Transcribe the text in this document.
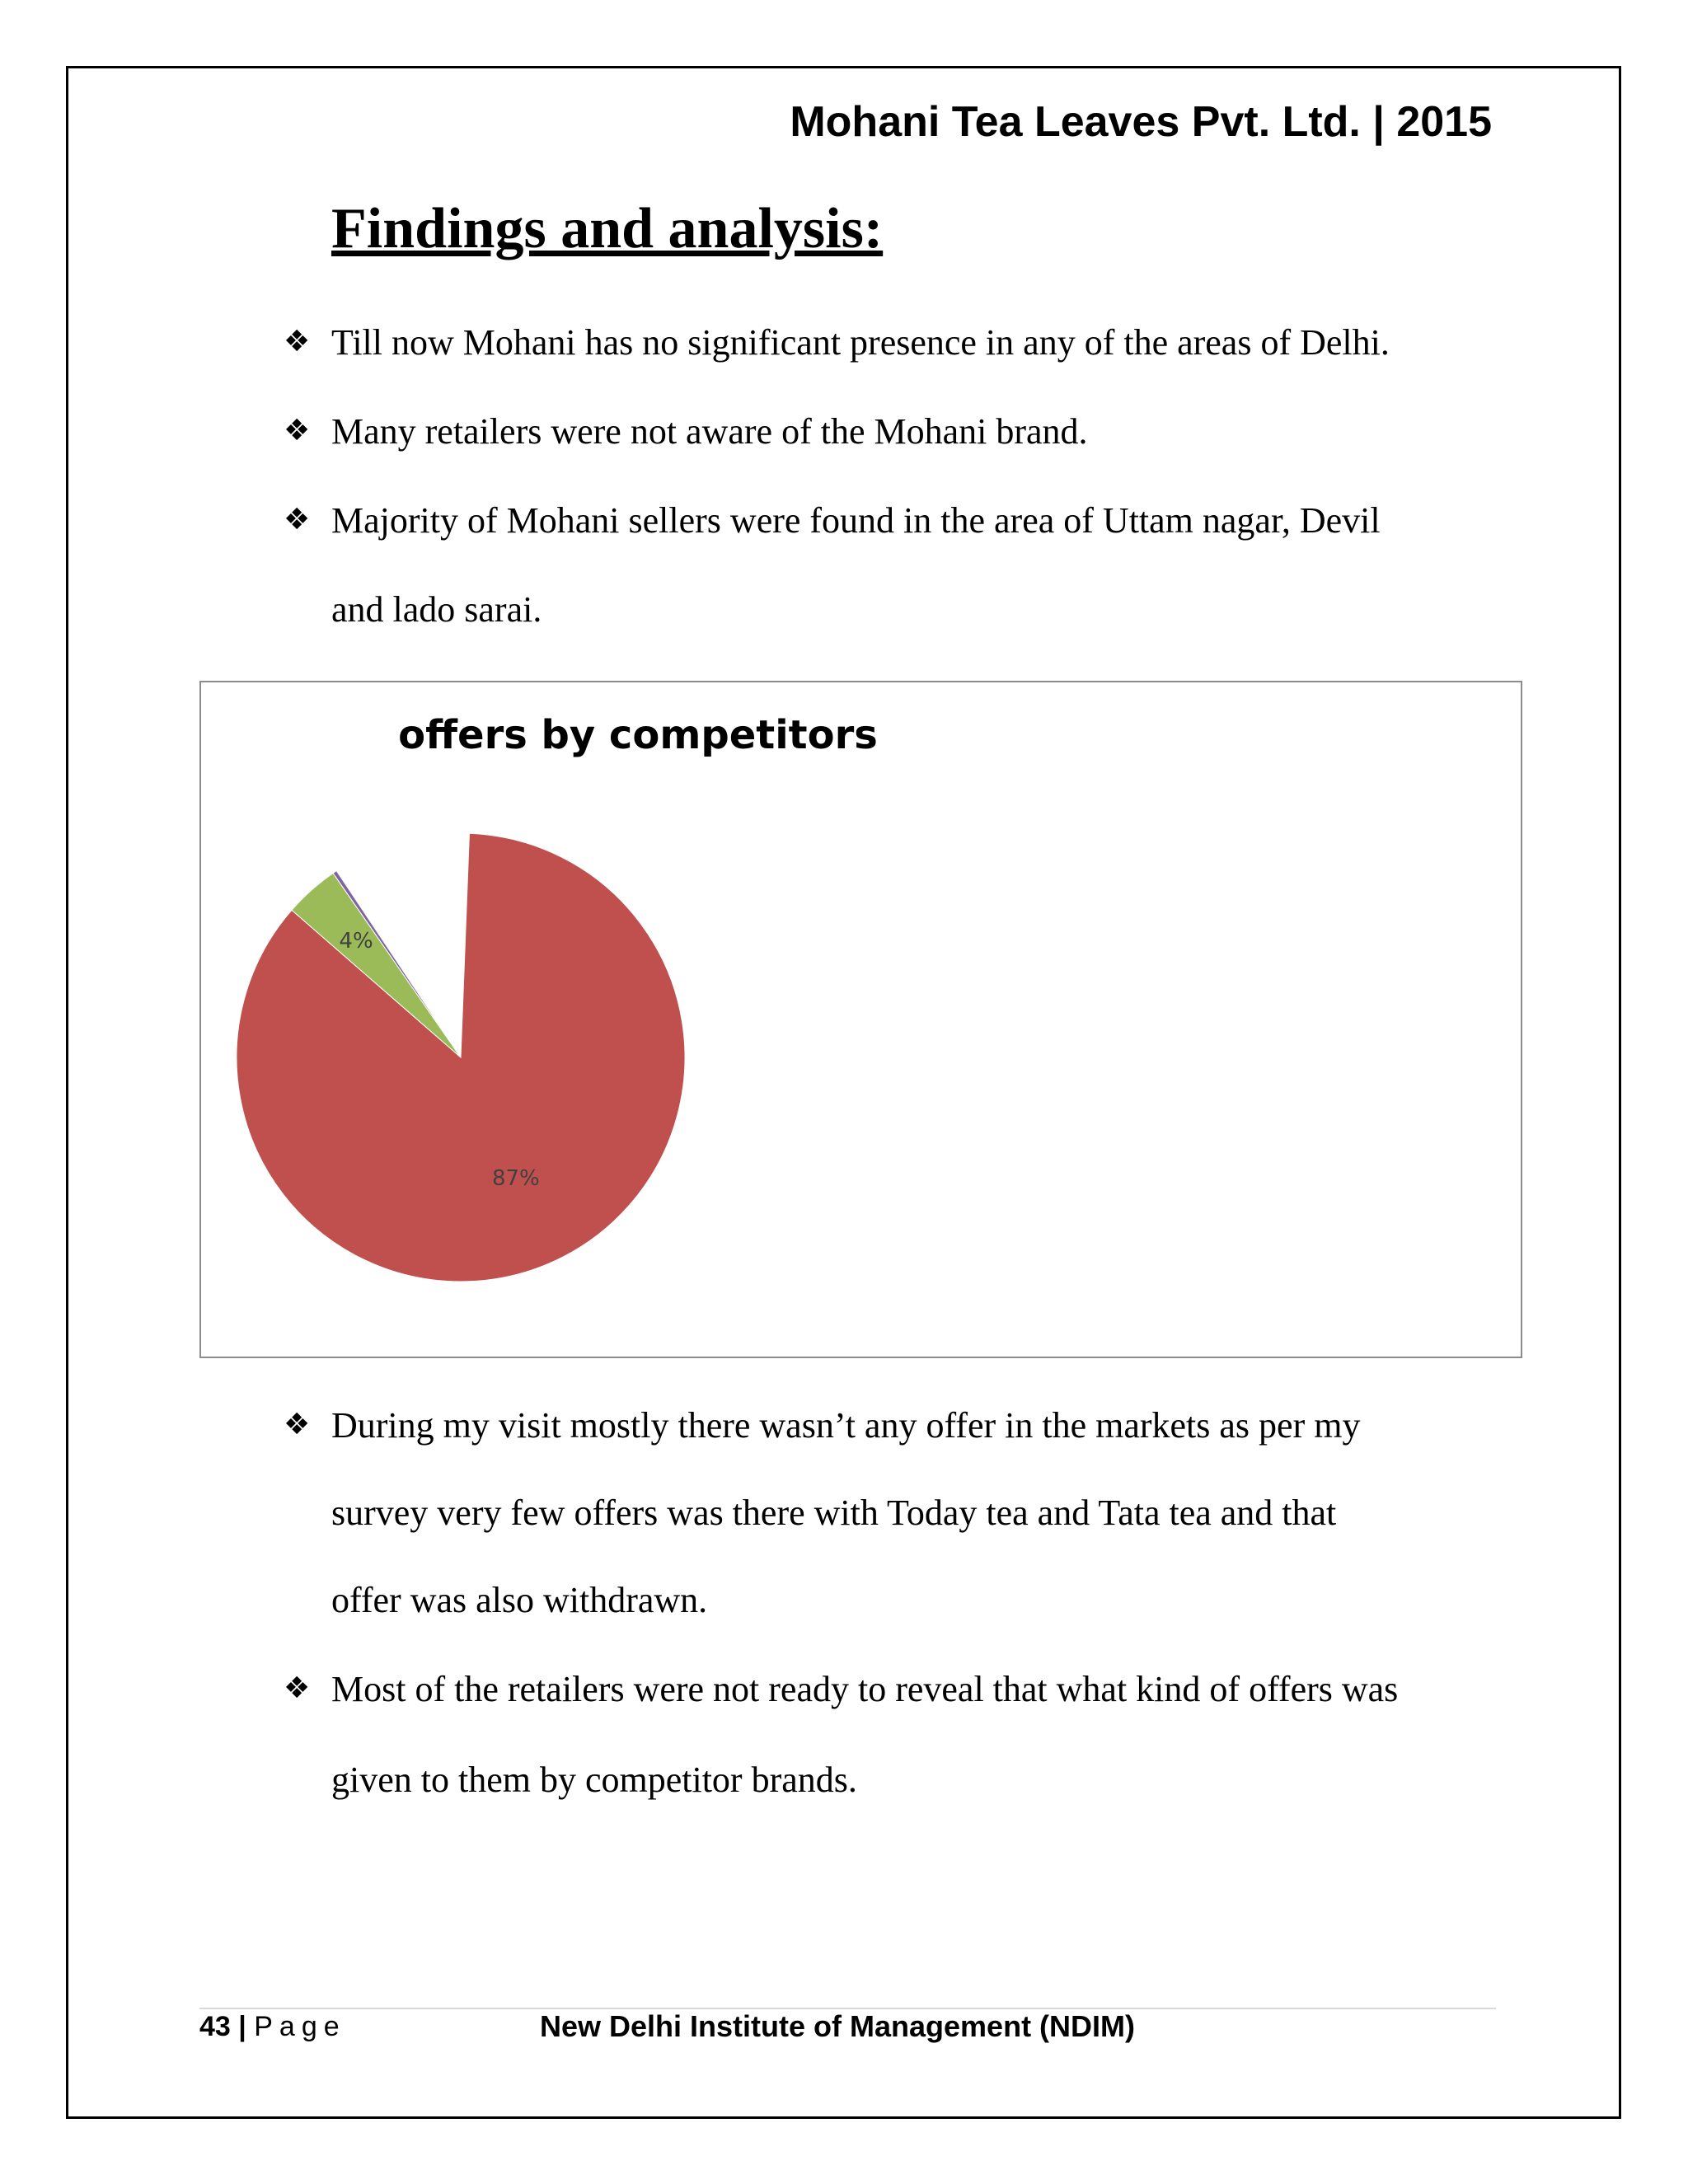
Mohani Tea Leaves Pvt. Ltd. | 2015
Findings and analysis:
❖ Till now Mohani has no significant presence in any of the areas of Delhi.
❖ Many retailers were not aware of the Mohani brand.
❖ Majority of Mohani sellers were found in the area of Uttam nagar, Devil
and lado sarai.
offers by competitors
87%
4%
❖ During my visit mostly there wasn’t any offer in the markets as per my
survey very few offers was there with Today tea and Tata tea and that
offer was also withdrawn.
❖ Most of the retailers were not ready to reveal that what kind of offers was
given to them by competitor brands.
43 | Page	New Delhi Institute of Management (NDIM)
